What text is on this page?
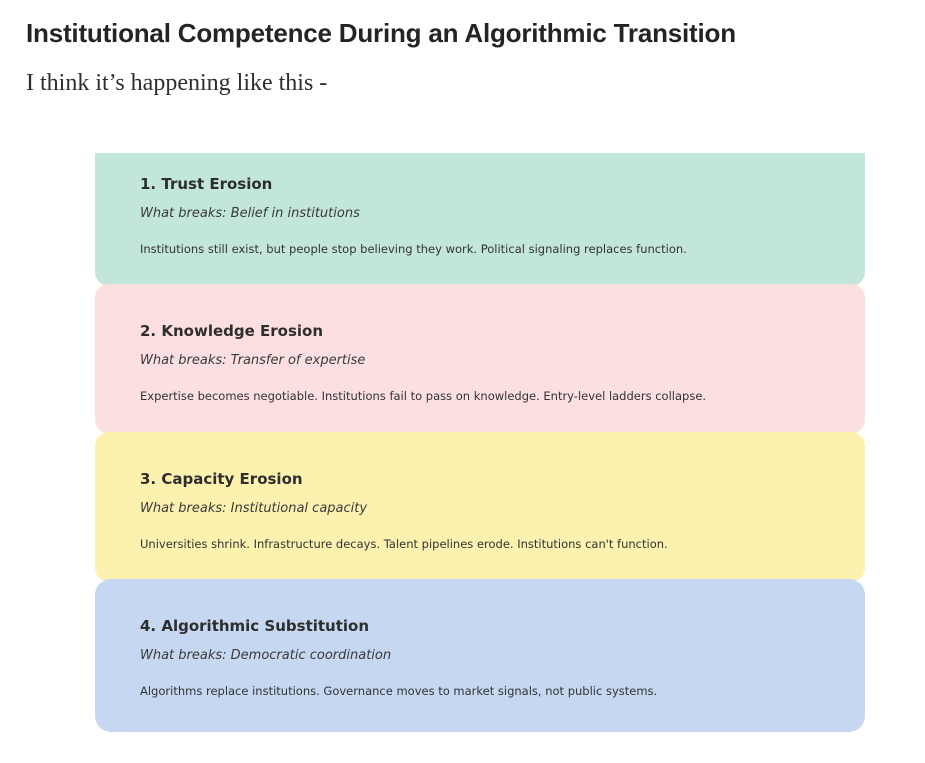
Institutional Competence During an Algorithmic Transition

I think it’s happening like this -

1. Trust Erosion

What breaks: Belief in institutions

Institutions still exist, but people stop believing they work. Political signaling replaces function.

2. Knowledge Erosion

What breaks: Transfer of expertise

Expertise becomes negotiable. Institutions fail to pass on knowledge. Entry-level ladders collapse.

3. Capacity Erosion

What breaks: Institutional capacity

Universities shrink. Infrastructure decays. Talent pipelines erode. Institutions can't function.

4. Algorithmic Substitution

What breaks: Democratic coordination

Algorithms replace institutions. Governance moves to market signals, not public systems.
